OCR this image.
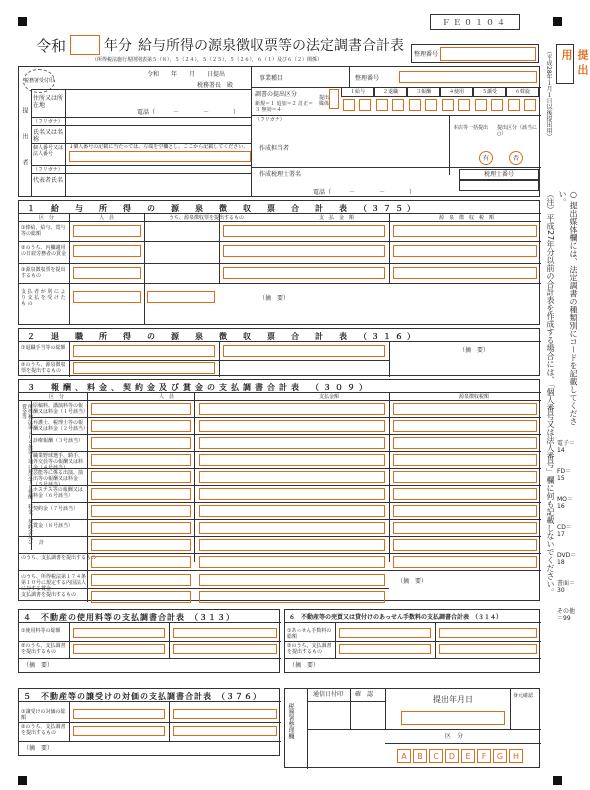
ＦＥ０１０４
令和	年分 給与所得の源泉徴収票等の法定調書合計表
（所得税法施行規則別表第５（８），５（２４），５（２５），５（２６），６（１）及び６（２）関係）
整理番号	提 出 用
（平成28年１月１日以後提出用）
○ 提出媒体欄には、法定調書の種類別にコードを記載してください。
（注）平成27年分以前の合計表を作成する場合には、「個人番号又は法人番号」欄に何も記載しないでください。 電子＝14
FD＝15
MO＝16
CD＝17
DVD＝18
書面＝30
その他＝99
税務署受付印
令和　　年　　月　　日提出
税務署長　殿
提出者
住所又は所在地
電話（　　　－　　　　－　　　　）
（フリガナ）
氏名又は名称
個人番号又は法人番号
↓個人番号の記載に当たっては、左端を空欄とし、ここから記載してください。
（フリガナ）
代表者氏名
電話（　　　－　　　　－　　　　）
事業種目	整理番号
調書の提出区分
新規＝１ 追加＝２ 訂正＝３ 無効＝４
提出媒体
１給与	２退職	３報酬	４使用	５譲受	６斡旋
（フリガナ）
作成担当者
本店等一括提出	提出区分（該当に○）
有	否
作成税理士署名	税理士番号
１　給　与　所　得　の　源　泉　徴　収　票　合　計　表　（３７５）
区　分	人　員	うち、源泉徴収票を提出するもの	支　払　金　額	源　泉　徴　収　税　額
①俸給、給与、賞与等の総額
②のうち、丙欄適用の日雇労務者の賃金
③源泉徴収票を提出するもの
支 払 者 が 別 に よ り 支 払 を 受 け た も の
（摘　要）
２　退　職　所　得　の　源　泉　徴　収　票　合　計　表　（３１６）
①退職手当等の総額
②のうち、源泉徴収票を提出するもの
（摘　要）
３　報酬、料金、契約金及び賞金の支払調書合計表　（３０９）
区　分	人　員	支払金額	源泉徴収税額
所得税法第２０４条第１項に規定する報酬、料金、契約金及び賞金等	原稿料、講演料等の報酬又は料金（１号該当）
弁護士、税理士等の報酬又は料金（２号該当）
診療報酬（３号該当）
職業野球選手、騎手、外交員等の報酬又は料金（４号該当）
芸能等に係る出演、演出等の報酬又は料金（５号該当）
ホステス等の報酬又は料金（６号該当）
契約金（７号該当）
賞金（８号該当）
計
のうち、支払調書を提出するもの
のうち、所得税法第１７４条第１０号に規定する内国法人に対する賞金
支払調書を提出するもの
（摘　要）
４　不動産の使用料等の支払調書合計表　（３１３）
①使用料等の総額
②のうち、支払調書を提出するもの
（摘　要）
６　不動産等の売買又は貸付けのあっせん手数料の支払調書合計表　（３１４）
①あっせん手数料の総額
②のうち、支払調書を提出するもの
（摘　要）
５　不動産等の譲受けの対価の支払調書合計表　（３７６）
①譲受けの対価の総額
②のうち、支払調書を提出するもの
（摘　要）
税務署整理欄
通信日付印 確　認
提出年月日	身元確認
区　分
A	B	C	D	E	F	G	H
